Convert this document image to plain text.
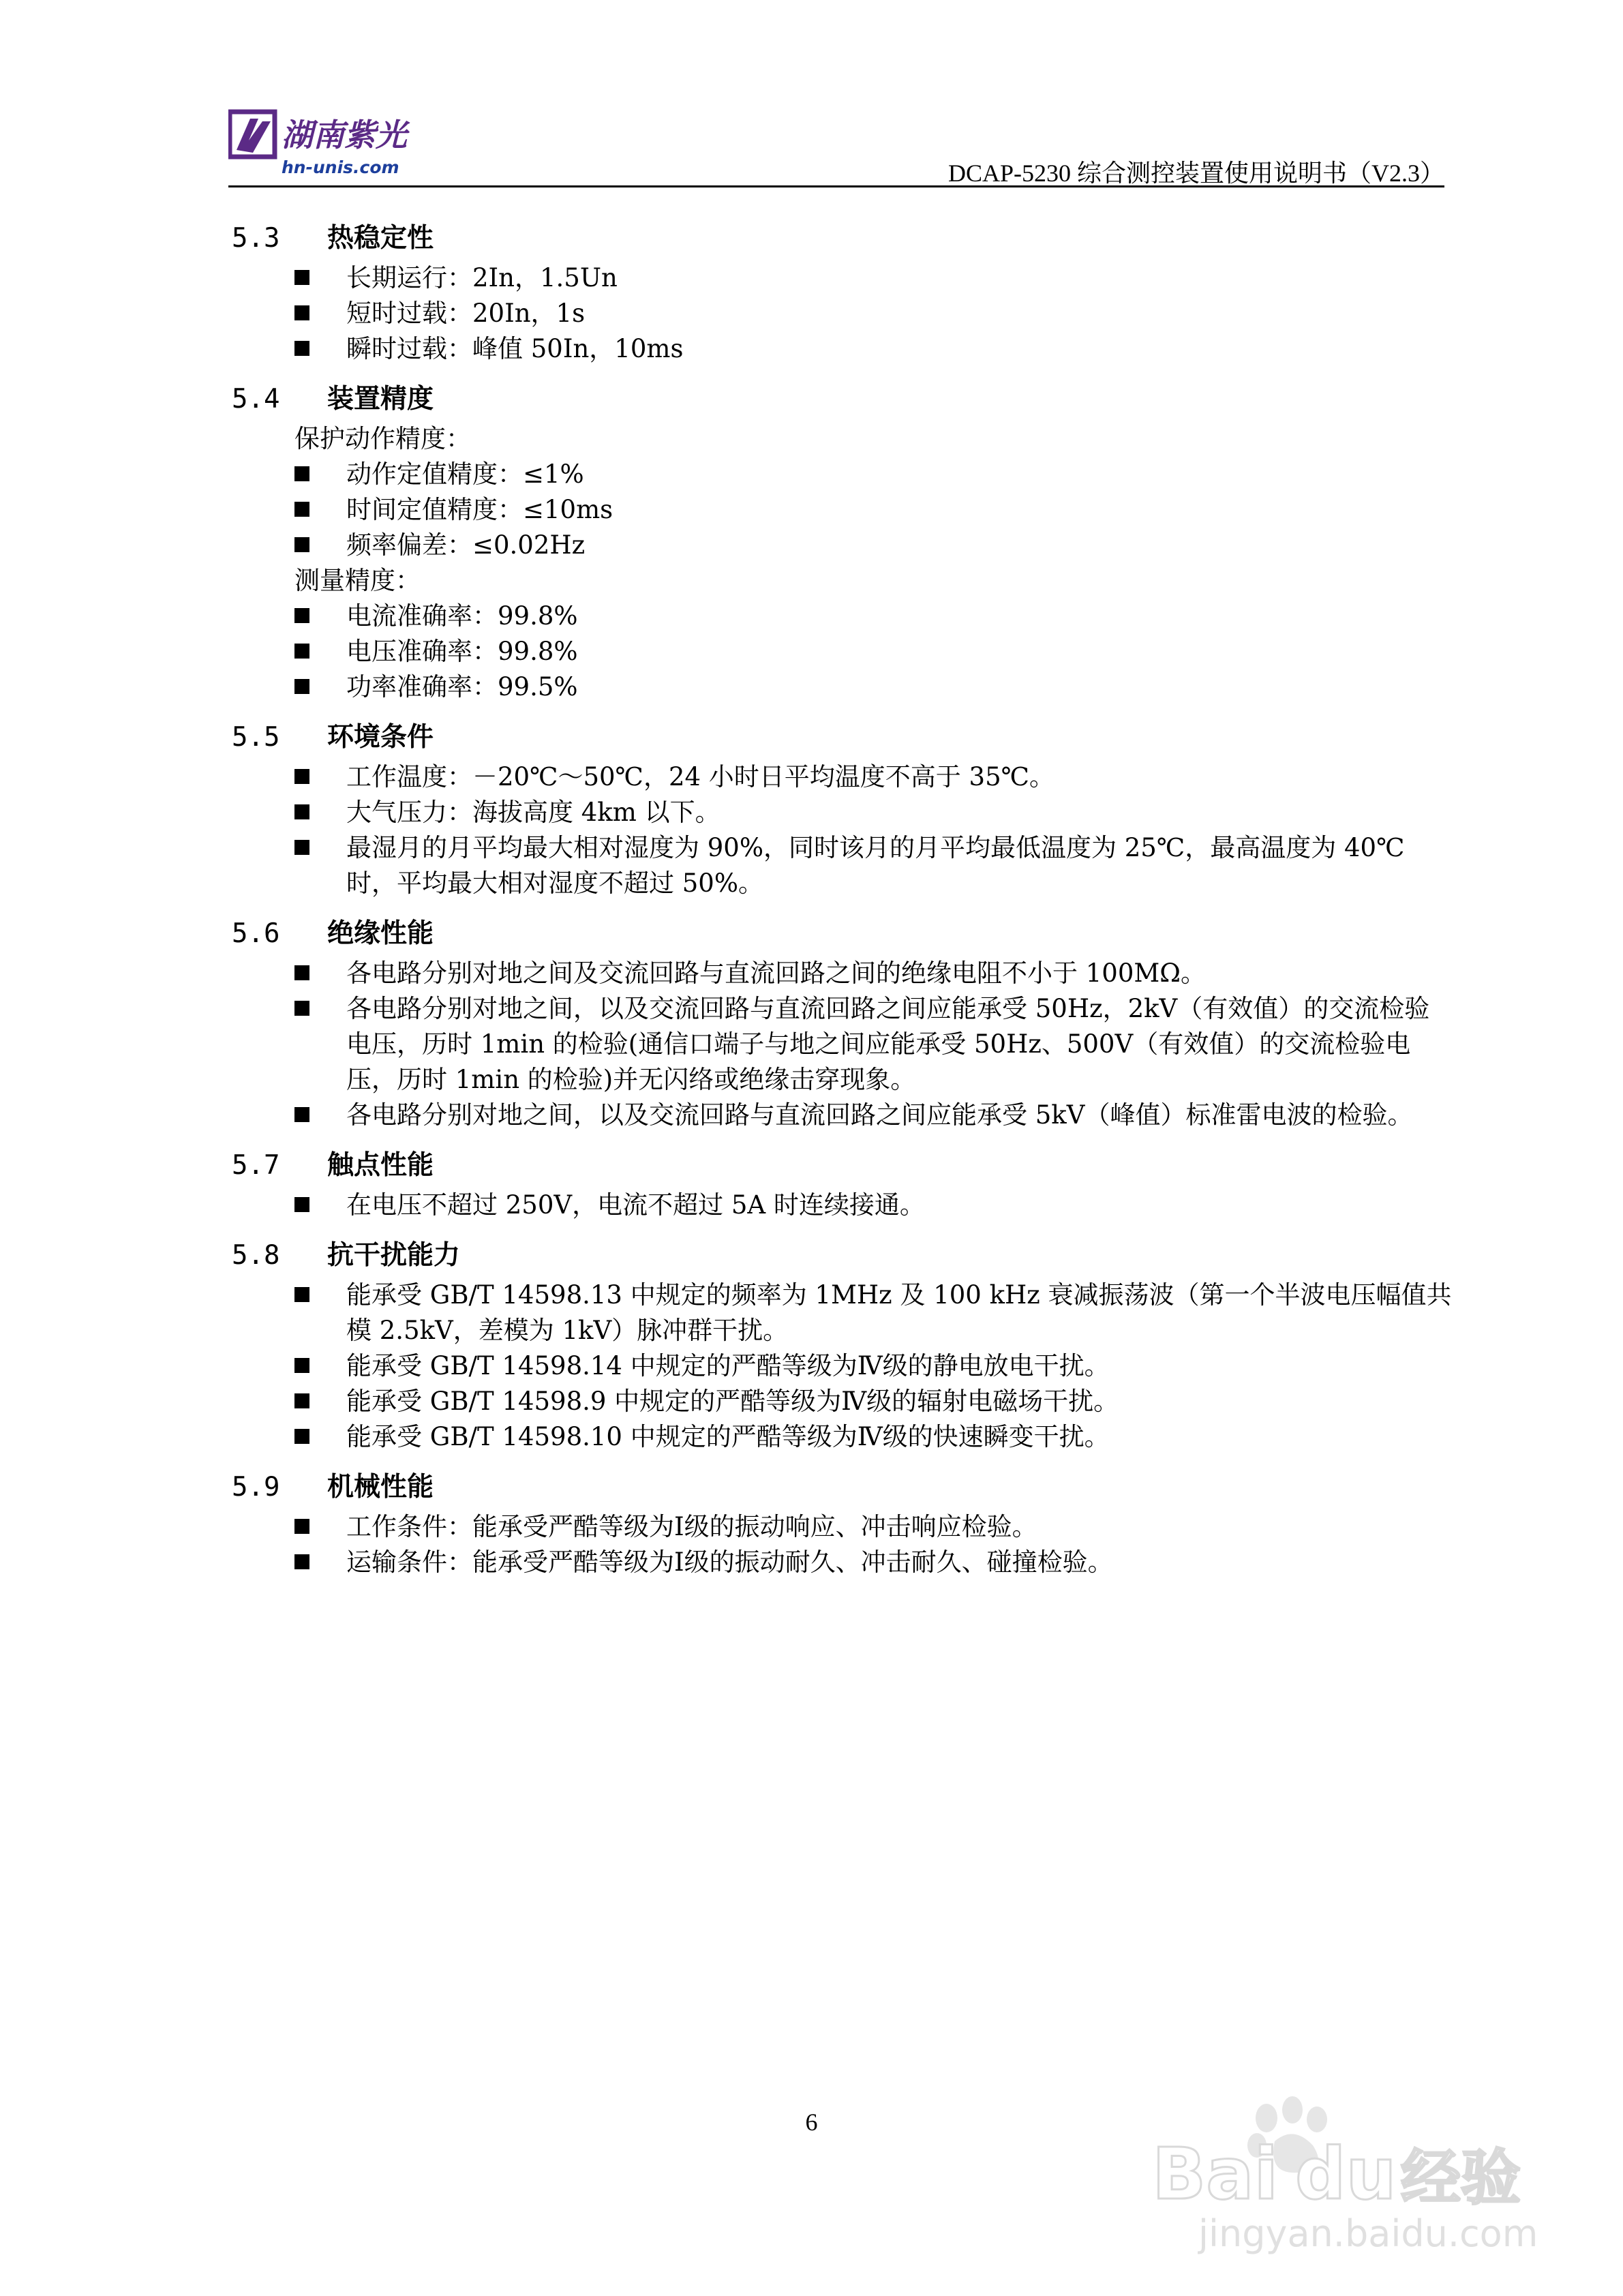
湖南紫光
hn-unis.com	DCAP-5230 综合测控装置使用说明书（V2.3）
5.3	热稳定性
长期运行：2In，1.5Un
短时过载：20In，1s
瞬时过载：峰值 50In，10ms
5.4	装置精度
保护动作精度：
动作定值精度：≤1%
时间定值精度：≤10ms
频率偏差：≤0.02Hz
测量精度：
电流准确率：99.8%
电压准确率：99.8%
功率准确率：99.5%
5.5	环境条件
工作温度：－20℃～50℃，24 小时日平均温度不高于 35℃。
大气压力：海拔高度 4km 以下。
最湿月的月平均最大相对湿度为 90%，同时该月的月平均最低温度为 25℃，最高温度为 40℃时，平均最大相对湿度不超过 50%。
5.6	绝缘性能
各电路分别对地之间及交流回路与直流回路之间的绝缘电阻不小于 100MΩ。
各电路分别对地之间，以及交流回路与直流回路之间应能承受 50Hz，2kV（有效值）的交流检验电压，历时 1min 的检验(通信口端子与地之间应能承受 50Hz、500V（有效值）的交流检验电压，历时 1min 的检验)并无闪络或绝缘击穿现象。
各电路分别对地之间，以及交流回路与直流回路之间应能承受 5kV（峰值）标准雷电波的检验。
5.7	触点性能
在电压不超过 250V，电流不超过 5A 时连续接通。
5.8	抗干扰能力
能承受 GB/T 14598.13 中规定的频率为 1MHz 及 100 kHz 衰减振荡波（第一个半波电压幅值共模 2.5kV，差模为 1kV）脉冲群干扰。
能承受 GB/T 14598.14 中规定的严酷等级为Ⅳ级的静电放电干扰。
能承受 GB/T 14598.9 中规定的严酷等级为Ⅳ级的辐射电磁场干扰。
能承受 GB/T 14598.10 中规定的严酷等级为Ⅳ级的快速瞬变干扰。
5.9	机械性能
工作条件：能承受严酷等级为Ⅰ级的振动响应、冲击响应检验。
运输条件：能承受严酷等级为Ⅰ级的振动耐久、冲击耐久、碰撞检验。
6
Bai du 经验
jingyan.baidu.com
